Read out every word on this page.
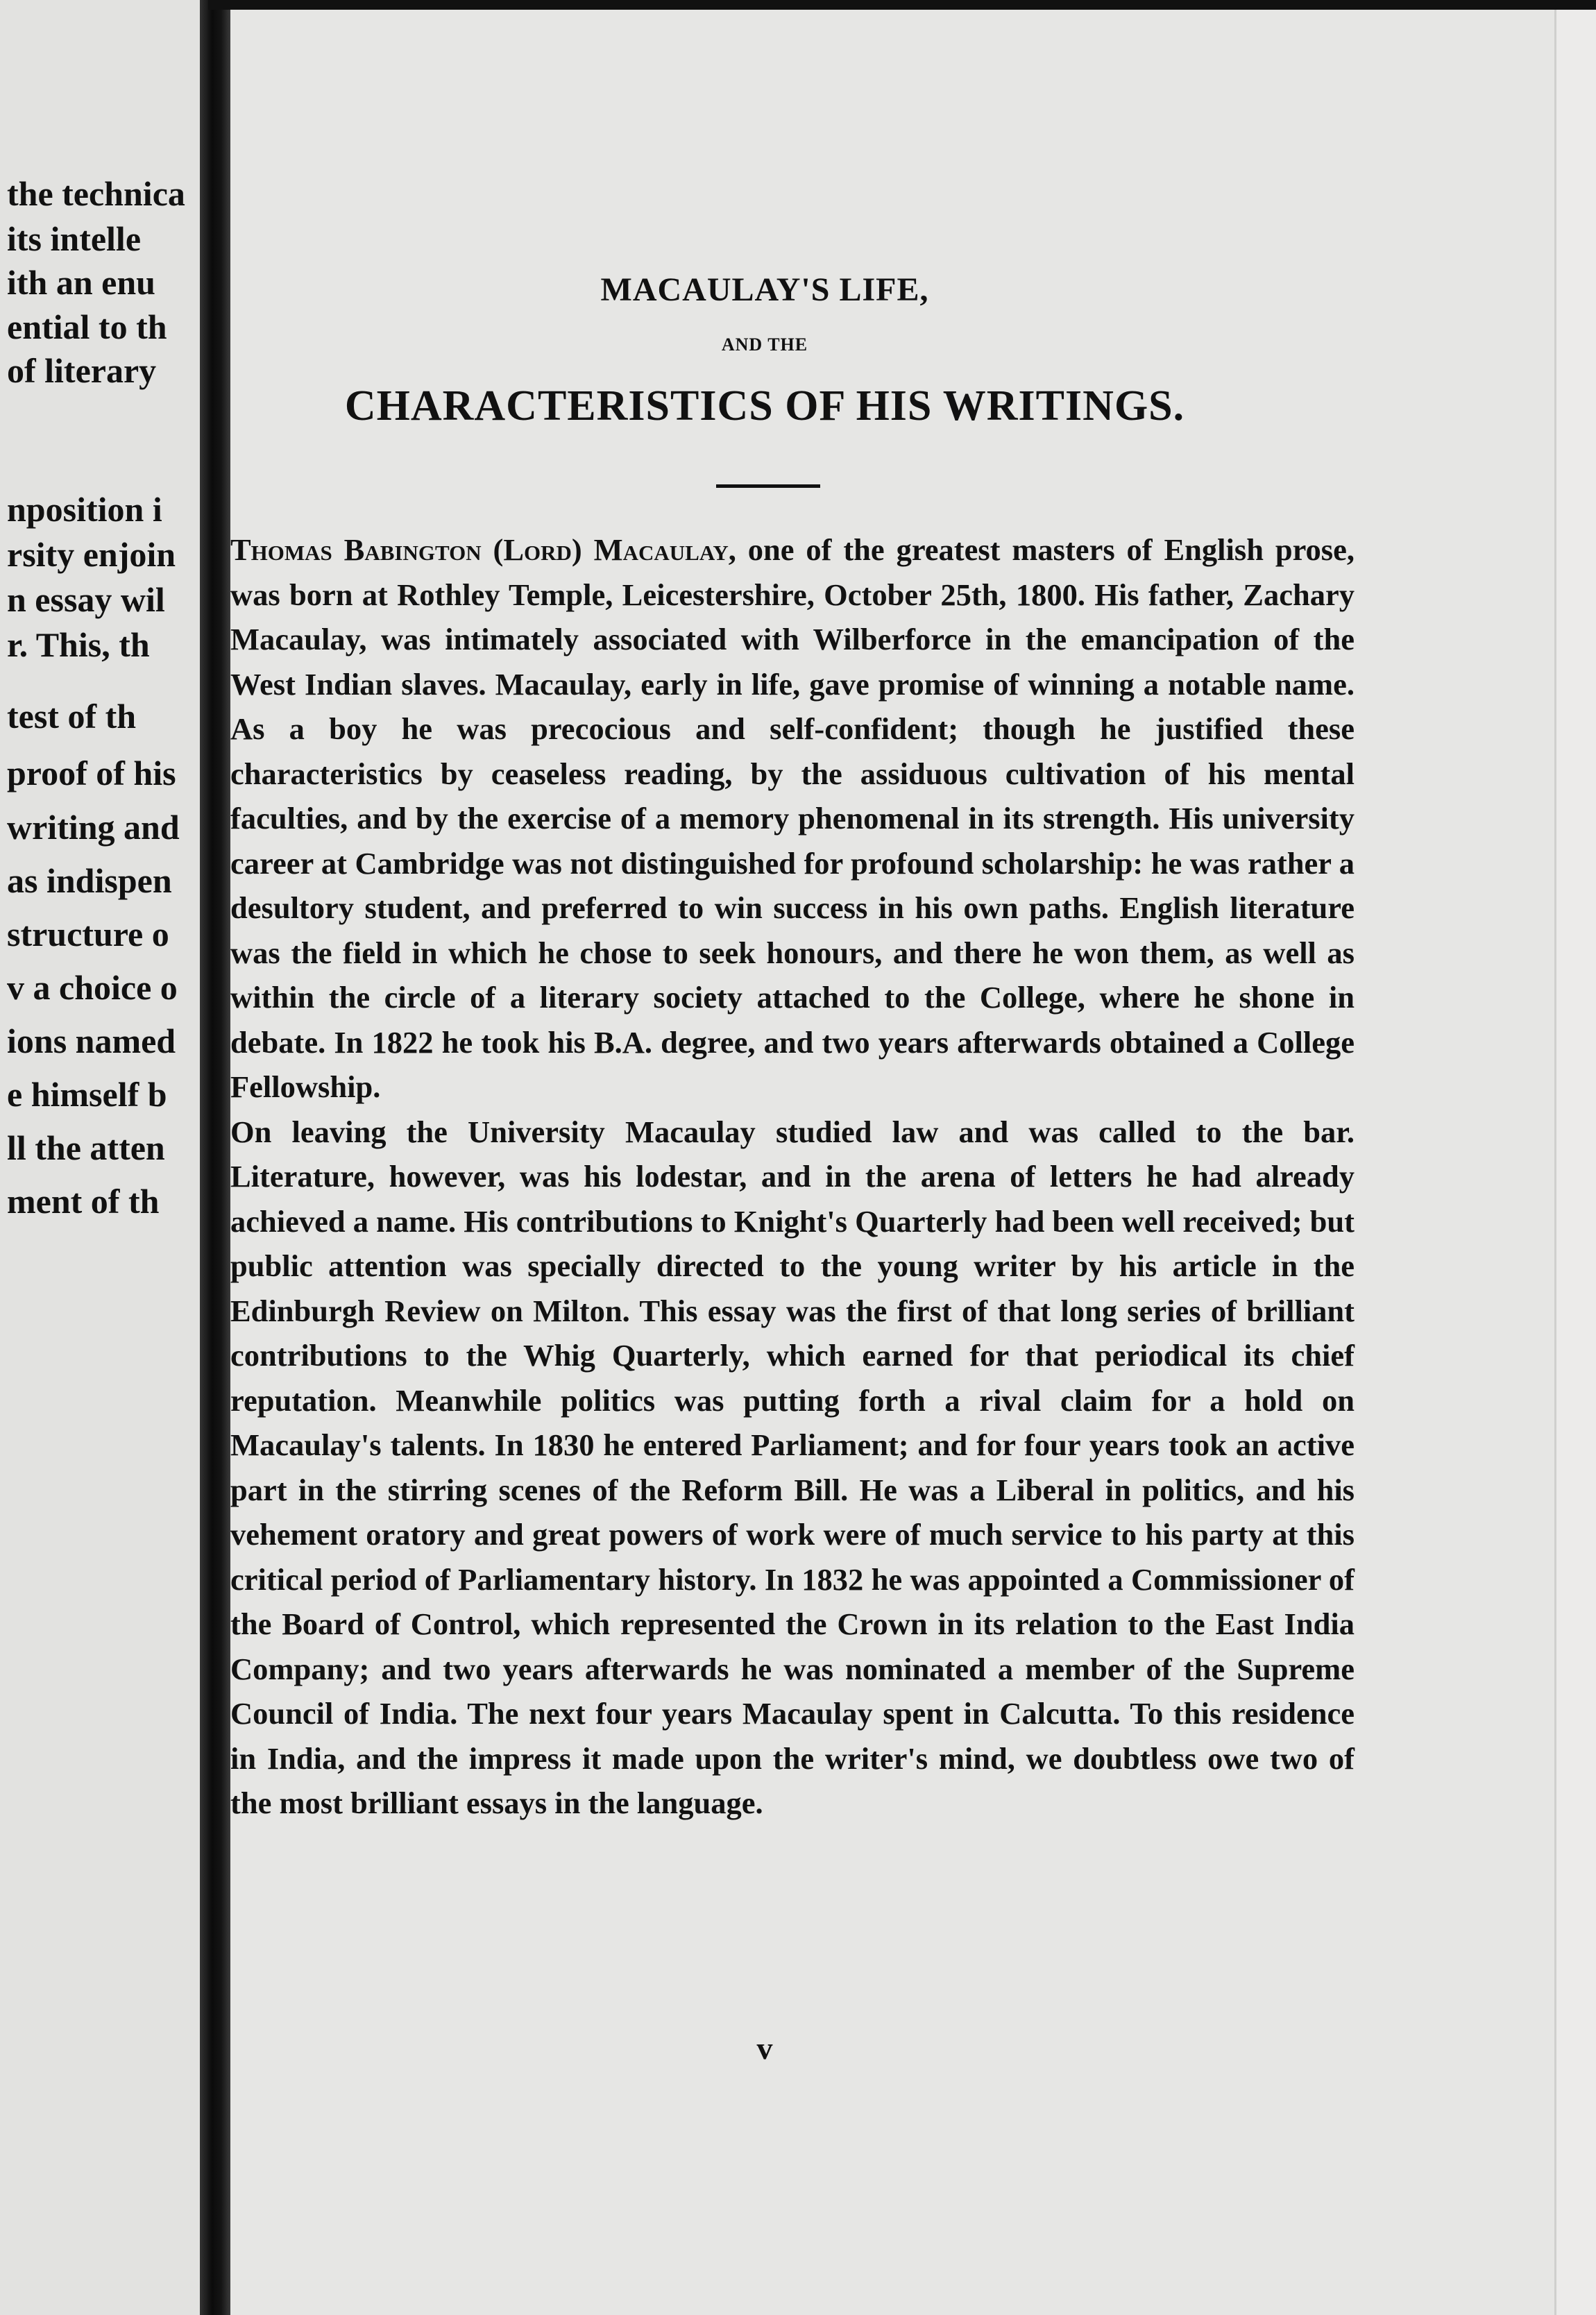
the technica
its intelle
ith an enu
ential to th
of literary
nposition i
rsity enjoin
n essay wil
r. This, th
test of th
proof of his
writing and
as indispen
structure o
v a choice o
ions named
e himself b
ll the atten
ment of th
MACAULAY'S LIFE,
AND THE
CHARACTERISTICS OF HIS WRITINGS.

Thomas Babington (Lord) Macaulay, one of the greatest masters of English prose, was born at Rothley Temple, Leicestershire, October 25th, 1800. His father, Zachary Macaulay, was intimately associated with Wilberforce in the emancipation of the West Indian slaves. Macaulay, early in life, gave promise of winning a notable name. As a boy he was precocious and self-confident; though he justified these characteristics by ceaseless reading, by the assiduous cultivation of his mental faculties, and by the exercise of a memory phenomenal in its strength. His university career at Cambridge was not distinguished for profound scholarship: he was rather a desultory student, and preferred to win success in his own paths. English literature was the field in which he chose to seek honours, and there he won them, as well as within the circle of a literary society attached to the College, where he shone in debate. In 1822 he took his B.A. degree, and two years afterwards obtained a College Fellowship.

On leaving the University Macaulay studied law and was called to the bar. Literature, however, was his lodestar, and in the arena of letters he had already achieved a name. His contributions to Knight's Quarterly had been well received; but public attention was specially directed to the young writer by his article in the Edinburgh Review on Milton. This essay was the first of that long series of brilliant contributions to the Whig Quarterly, which earned for that periodical its chief reputation. Meanwhile politics was putting forth a rival claim for a hold on Macaulay's talents. In 1830 he entered Parliament; and for four years took an active part in the stirring scenes of the Reform Bill. He was a Liberal in politics, and his vehement oratory and great powers of work were of much service to his party at this critical period of Parliamentary history. In 1832 he was appointed a Commissioner of the Board of Control, which represented the Crown in its relation to the East India Company; and two years afterwards he was nominated a member of the Supreme Council of India. The next four years Macaulay spent in Calcutta. To this residence in India, and the impress it made upon the writer's mind, we doubtless owe two of the most brilliant essays in the language.

v
